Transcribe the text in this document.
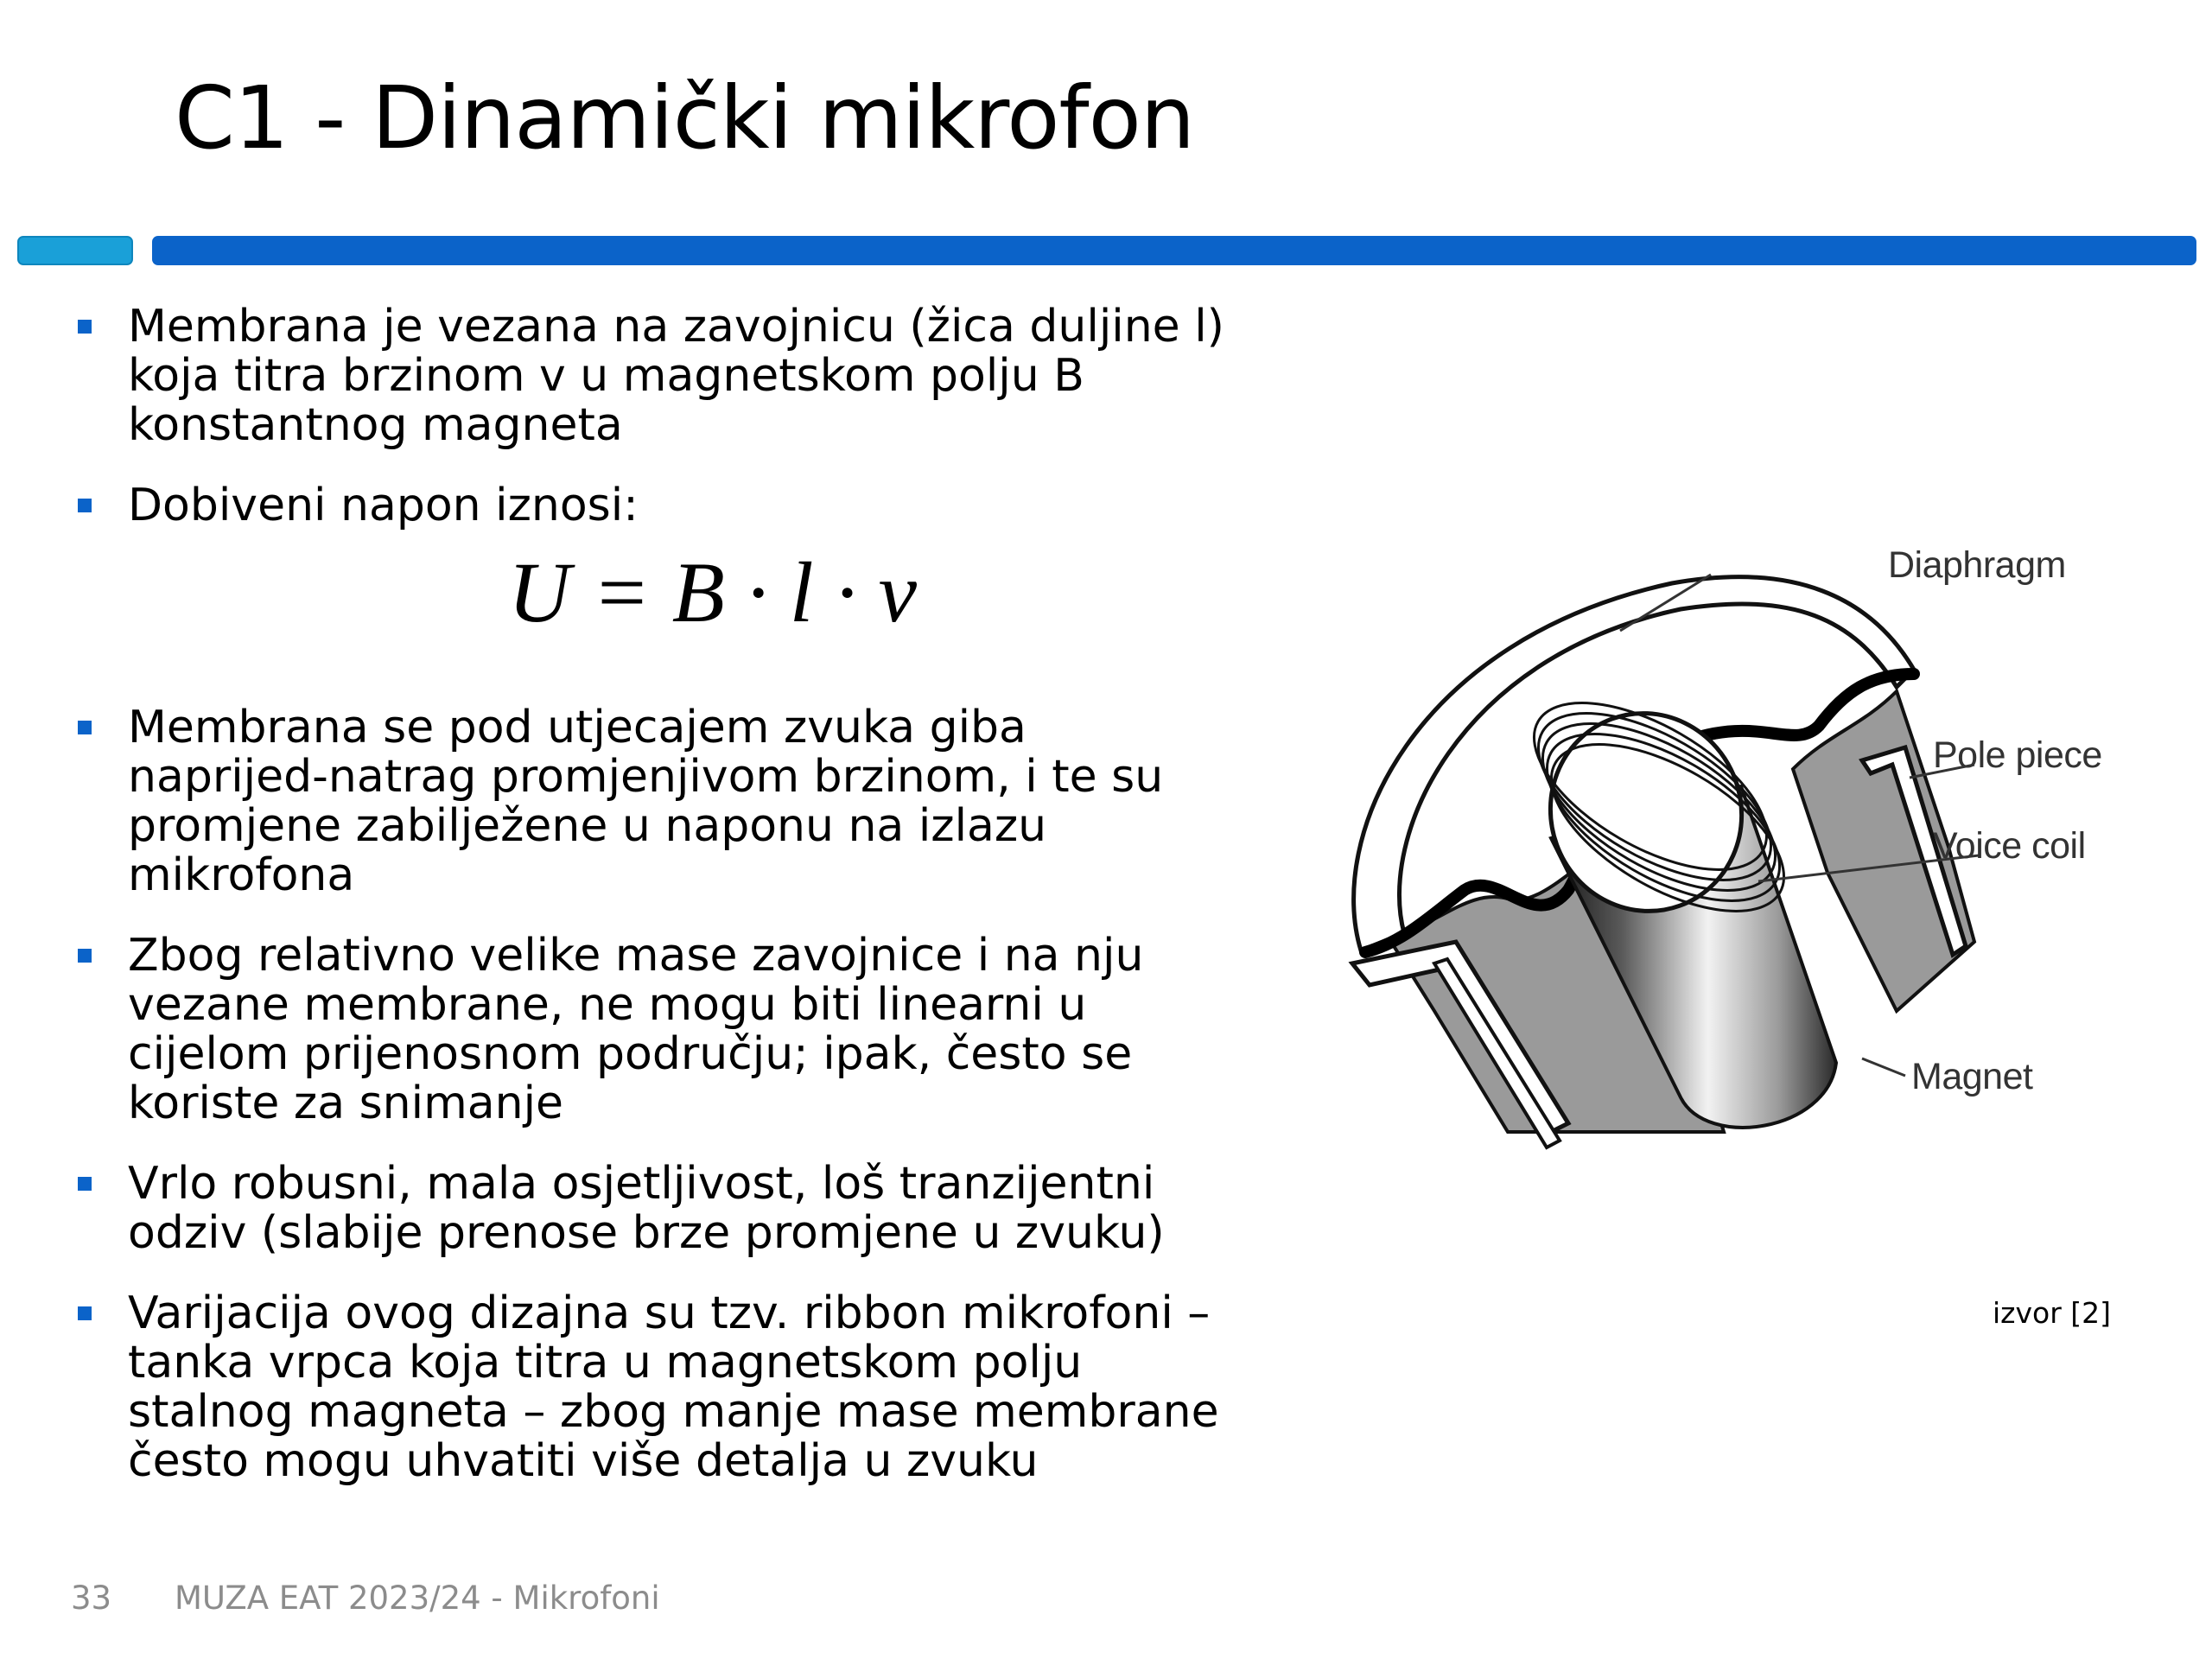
C1 - Dinamički mikrofon
Membrana je vezana na zavojnicu (žica duljine l)
koja titra brzinom v u magnetskom polju B
konstantnog magneta
Dobiveni napon iznosi:
U = B · l · v
Membrana se pod utjecajem zvuka giba
naprijed-natrag promjenjivom brzinom, i te su
promjene zabilježene u naponu na izlazu
mikrofona
Zbog relativno velike mase zavojnice i na nju
vezane membrane, ne mogu biti linearni u
cijelom prijenosnom području; ipak, često se
koriste za snimanje
Vrlo robusni, mala osjetljivost, loš tranzijentni
odziv (slabije prenose brze promjene u zvuku)
Varijacija ovog dizajna su tzv. ribbon mikrofoni –
tanka vrpca koja titra u magnetskom polju
stalnog magneta – zbog manje mase membrane
često mogu uhvatiti više detalja u zvuku
Diaphragm
Pole piece
Voice coil
Magnet
izvor [2]
33 MUZA EAT 2023/24 - Mikrofoni
